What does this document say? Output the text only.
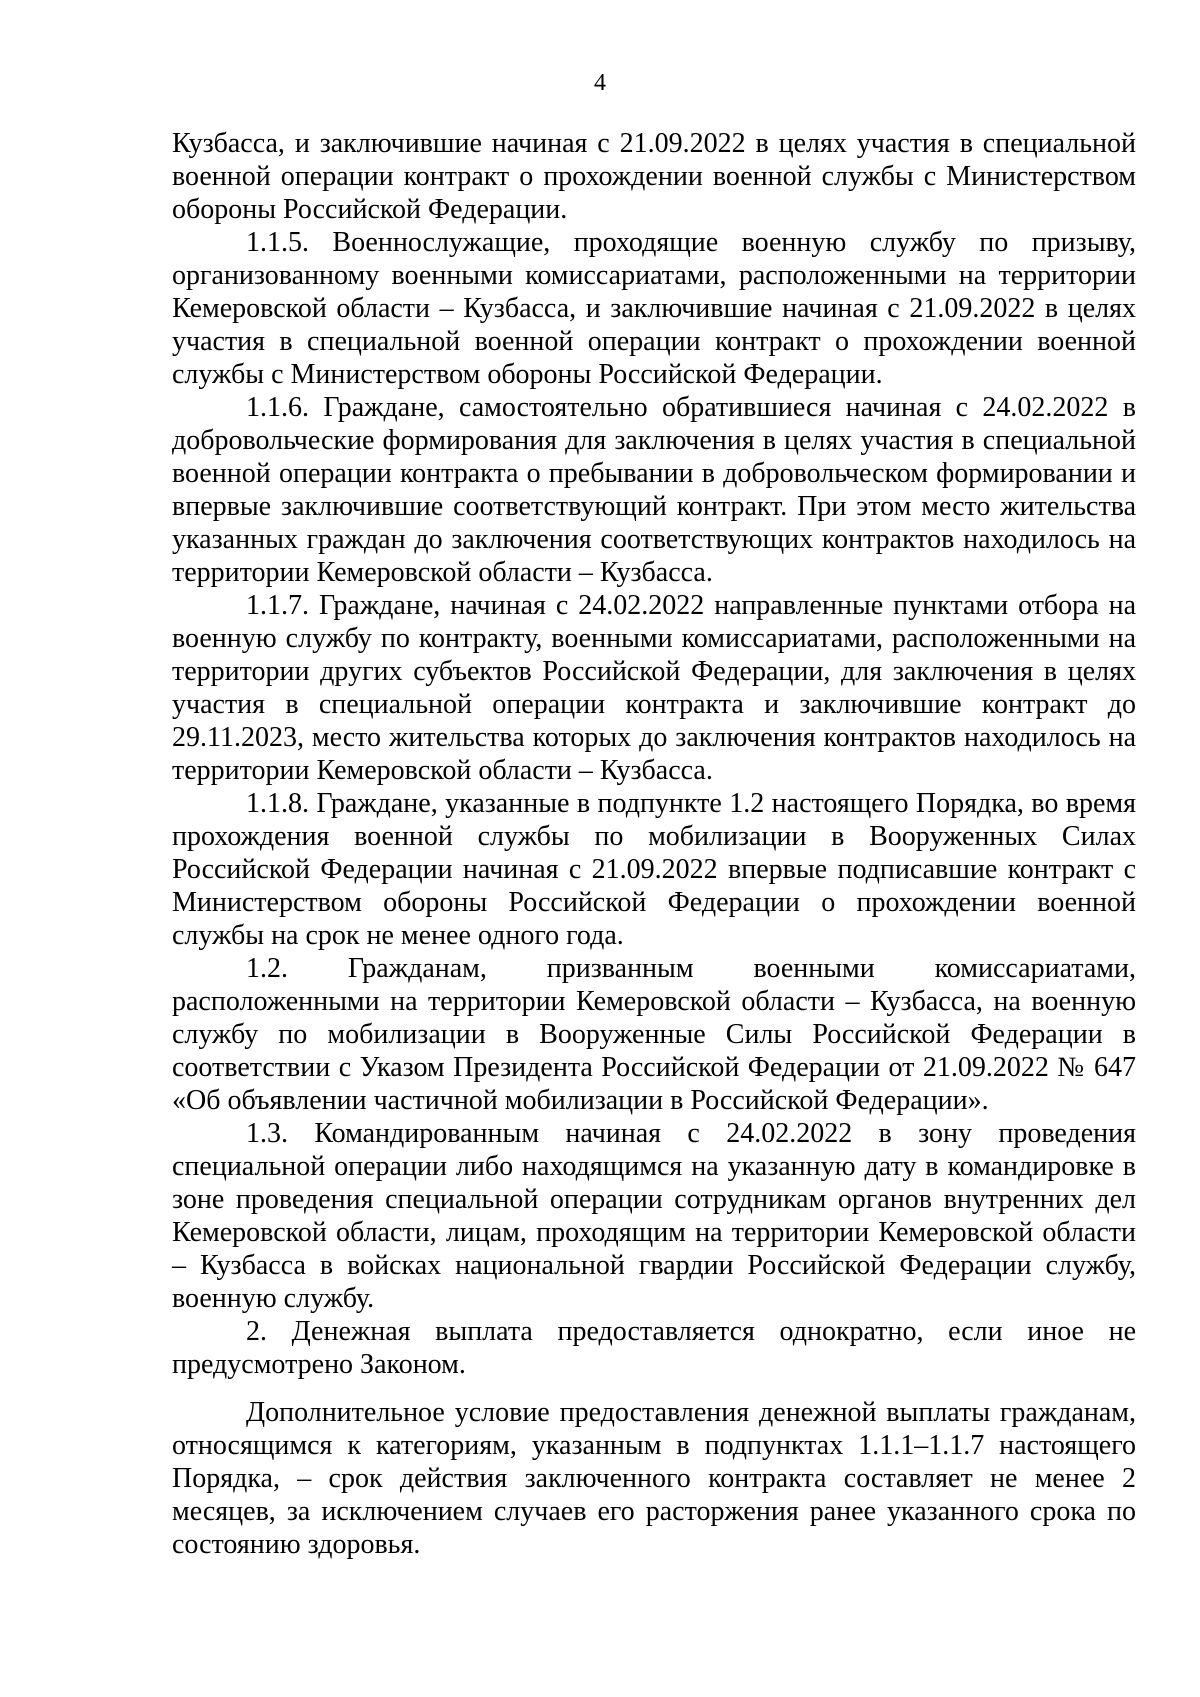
4

Кузбасса, и заключившие начиная с 21.09.2022 в целях участия в специальной военной операции контракт о прохождении военной службы с Министерством обороны Российской Федерации.

1.1.5. Военнослужащие, проходящие военную службу по призыву, организованному военными комиссариатами, расположенными на территории Кемеровской области – Кузбасса, и заключившие начиная с 21.09.2022 в целях участия в специальной военной операции контракт о прохождении военной службы с Министерством обороны Российской Федерации.

1.1.6. Граждане, самостоятельно обратившиеся начиная с 24.02.2022 в добровольческие формирования для заключения в целях участия в специальной военной операции контракта о пребывании в добровольческом формировании и впервые заключившие соответствующий контракт. При этом место жительства указанных граждан до заключения соответствующих контрактов находилось на территории Кемеровской области – Кузбасса.

1.1.7. Граждане, начиная с 24.02.2022 направленные пунктами отбора на военную службу по контракту, военными комиссариатами, расположенными на территории других субъектов Российской Федерации, для заключения в целях участия в специальной операции контракта и заключившие контракт до 29.11.2023, место жительства которых до заключения контрактов находилось на территории Кемеровской области – Кузбасса.

1.1.8. Граждане, указанные в подпункте 1.2 настоящего Порядка, во время прохождения военной службы по мобилизации в Вооруженных Силах Российской Федерации начиная с 21.09.2022 впервые подписавшие контракт с Министерством обороны Российской Федерации о прохождении военной службы на срок не менее одного года.

1.2. Гражданам, призванным военными комиссариатами, расположенными на территории Кемеровской области – Кузбасса, на военную службу по мобилизации в Вооруженные Силы Российской Федерации в соответствии с Указом Президента Российской Федерации от 21.09.2022 № 647 «Об объявлении частичной мобилизации в Российской Федерации».

1.3. Командированным начиная с 24.02.2022 в зону проведения специальной операции либо находящимся на указанную дату в командировке в зоне проведения специальной операции сотрудникам органов внутренних дел Кемеровской области, лицам, проходящим на территории Кемеровской области – Кузбасса в войсках национальной гвардии Российской Федерации службу, военную службу.

2. Денежная выплата предоставляется однократно, если иное не предусмотрено Законом.

Дополнительное условие предоставления денежной выплаты гражданам, относящимся к категориям, указанным в подпунктах 1.1.1–1.1.7 настоящего Порядка, – срок действия заключенного контракта составляет не менее 2 месяцев, за исключением случаев его расторжения ранее указанного срока по состоянию здоровья.
